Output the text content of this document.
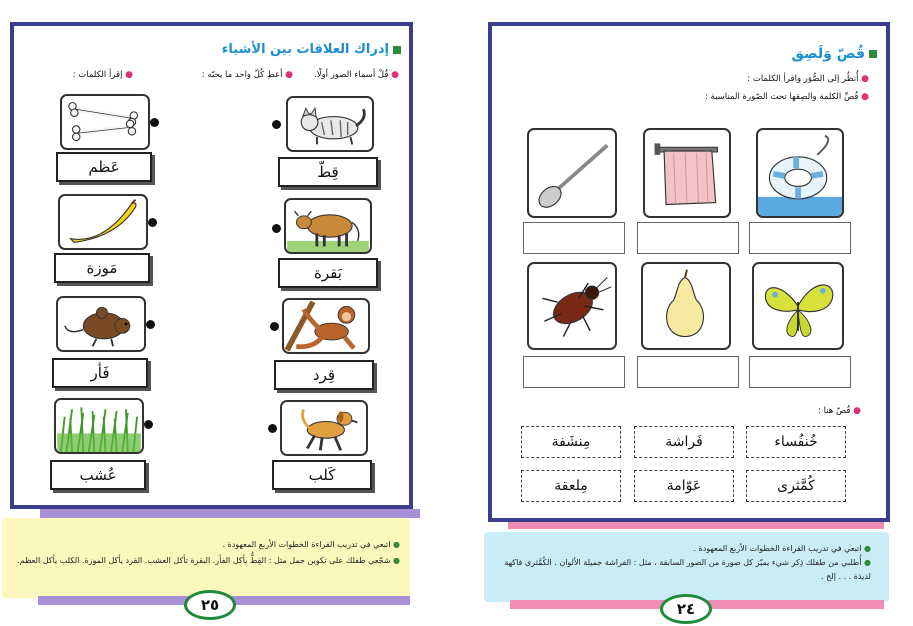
إدراك العلاقات بين الأشياء
● قُلْ أسماء الصور أولًا.
● أعطِ كُلّ واحد ما يحبّه :
● إقرأ الكلمات :
قِطّ
بَقرة
قِرد
كَلب
عَظم
مَوزة
فَأر
عُشب
● اتبعي في تدريب القراءة الخطوات الأربع المعهودة .
● شجّعي طفلك على تكوين جمل مثل : القِطُّ يأكل الفأر. البقرة تأكل العشب. القرد يأكل الموزة. الكلب يأكل العظم.
٢٥
قُصّ وَلَصِق
● أُنظُر إلى الصُّوَر واقرأ الكلمات :
● قُصِّ الكلمة والصِقها تحت الصّورة المناسبة :
● قُصّ هنا :
خُنفُساء
فَراشة
مِنشَفة
كُمَّثرى
عَوّامة
مِلعقة
● اتبعي في تدريب القراءة الخطوات الأربع المعهودة .
● أُطلبي من طفلك ذِكر شيء يميّز كل صورة من الصور السابقة ، مثل : الفراشة جميلة الألوان . الكُمَّثرى فاكهة
لذيذة . . . إلخ .
٢٤
